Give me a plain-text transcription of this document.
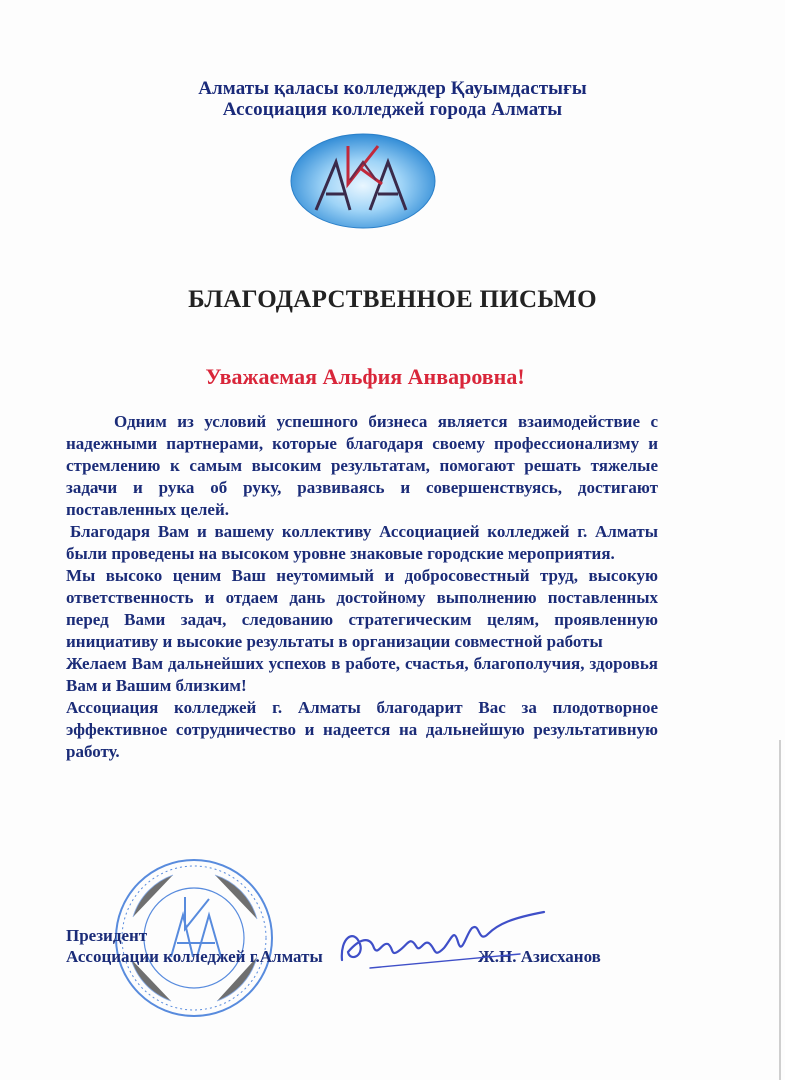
Алматы қаласы колледждер Қауымдастығы
Ассоциация колледжей города Алматы
БЛАГОДАРСТВЕННОЕ ПИСЬМО
Уважаемая Альфия Анваровна!

Одним из условий успешного бизнеса является взаимодействие с надежными партнерами, которые благодаря своему профессионализму и стремлению к самым высоким результатам, помогают решать тяжелые задачи и рука об руку, развиваясь и совершенствуясь, достигают поставленных целей.

Благодаря Вам и вашему коллективу Ассоциацией колледжей г. Алматы были проведены на высоком уровне знаковые городские мероприятия.

Мы высоко ценим Ваш неутомимый и добросовестный труд, высокую ответственность и отдаем дань достойному выполнению поставленных перед Вами задач, следованию стратегическим целям, проявленную инициативу и высокие результаты в организации совместной работы

Желаем Вам дальнейших успехов в работе, счастья, благополучия, здоровья Вам и Вашим близким!

Ассоциация колледжей г. Алматы благодарит Вас за плодотворное эффективное сотрудничество и надеется на дальнейшую результативную работу.

Президент
Ассоциации колледжей г.Алматы	Ж.Н. Азисханов
